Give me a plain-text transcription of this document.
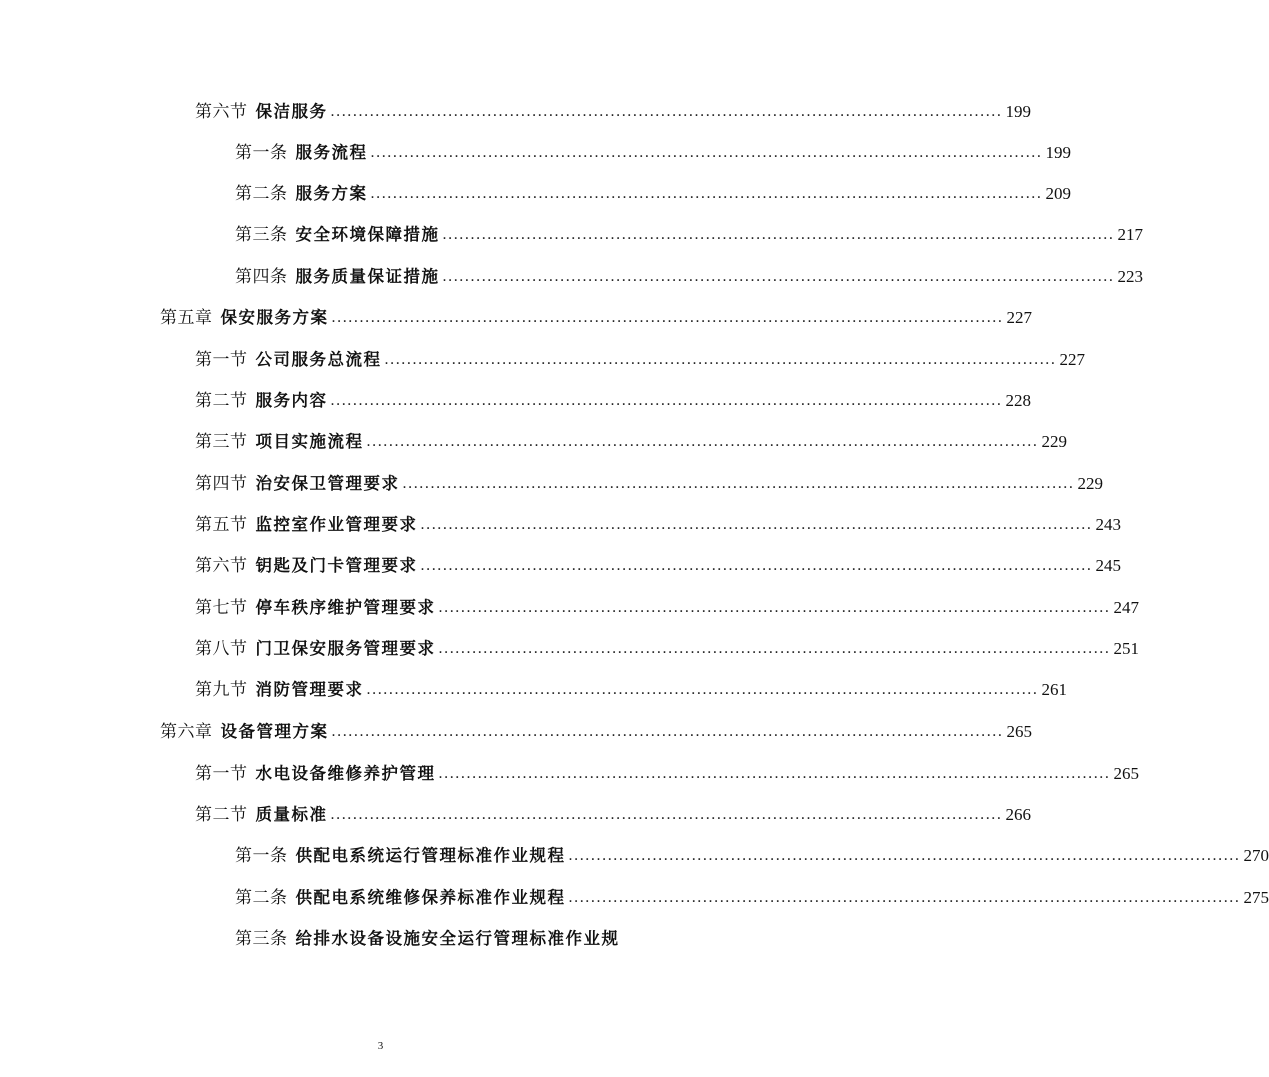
第六节 保洁服务 ........................................................................................................................ 199
第一条 服务流程 ........................................................................................................................ 199
第二条 服务方案 ........................................................................................................................ 209
第三条 安全环境保障措施 ........................................................................................................................ 217
第四条 服务质量保证措施 ........................................................................................................................ 223
第五章 保安服务方案 ........................................................................................................................ 227
第一节 公司服务总流程 ........................................................................................................................ 227
第二节 服务内容 ........................................................................................................................ 228
第三节 项目实施流程 ........................................................................................................................ 229
第四节 治安保卫管理要求 ........................................................................................................................ 229
第五节 监控室作业管理要求 ........................................................................................................................ 243
第六节 钥匙及门卡管理要求 ........................................................................................................................ 245
第七节 停车秩序维护管理要求 ........................................................................................................................ 247
第八节 门卫保安服务管理要求 ........................................................................................................................ 251
第九节 消防管理要求 ........................................................................................................................ 261
第六章 设备管理方案 ........................................................................................................................ 265
第一节 水电设备维修养护管理 ........................................................................................................................ 265
第二节 质量标准 ........................................................................................................................ 266
第一条 供配电系统运行管理标准作业规程 ........................................................................................................................ 270
第二条 供配电系统维修保养标准作业规程 ........................................................................................................................ 275
第三条 给排水设备设施安全运行管理标准作业规
3
